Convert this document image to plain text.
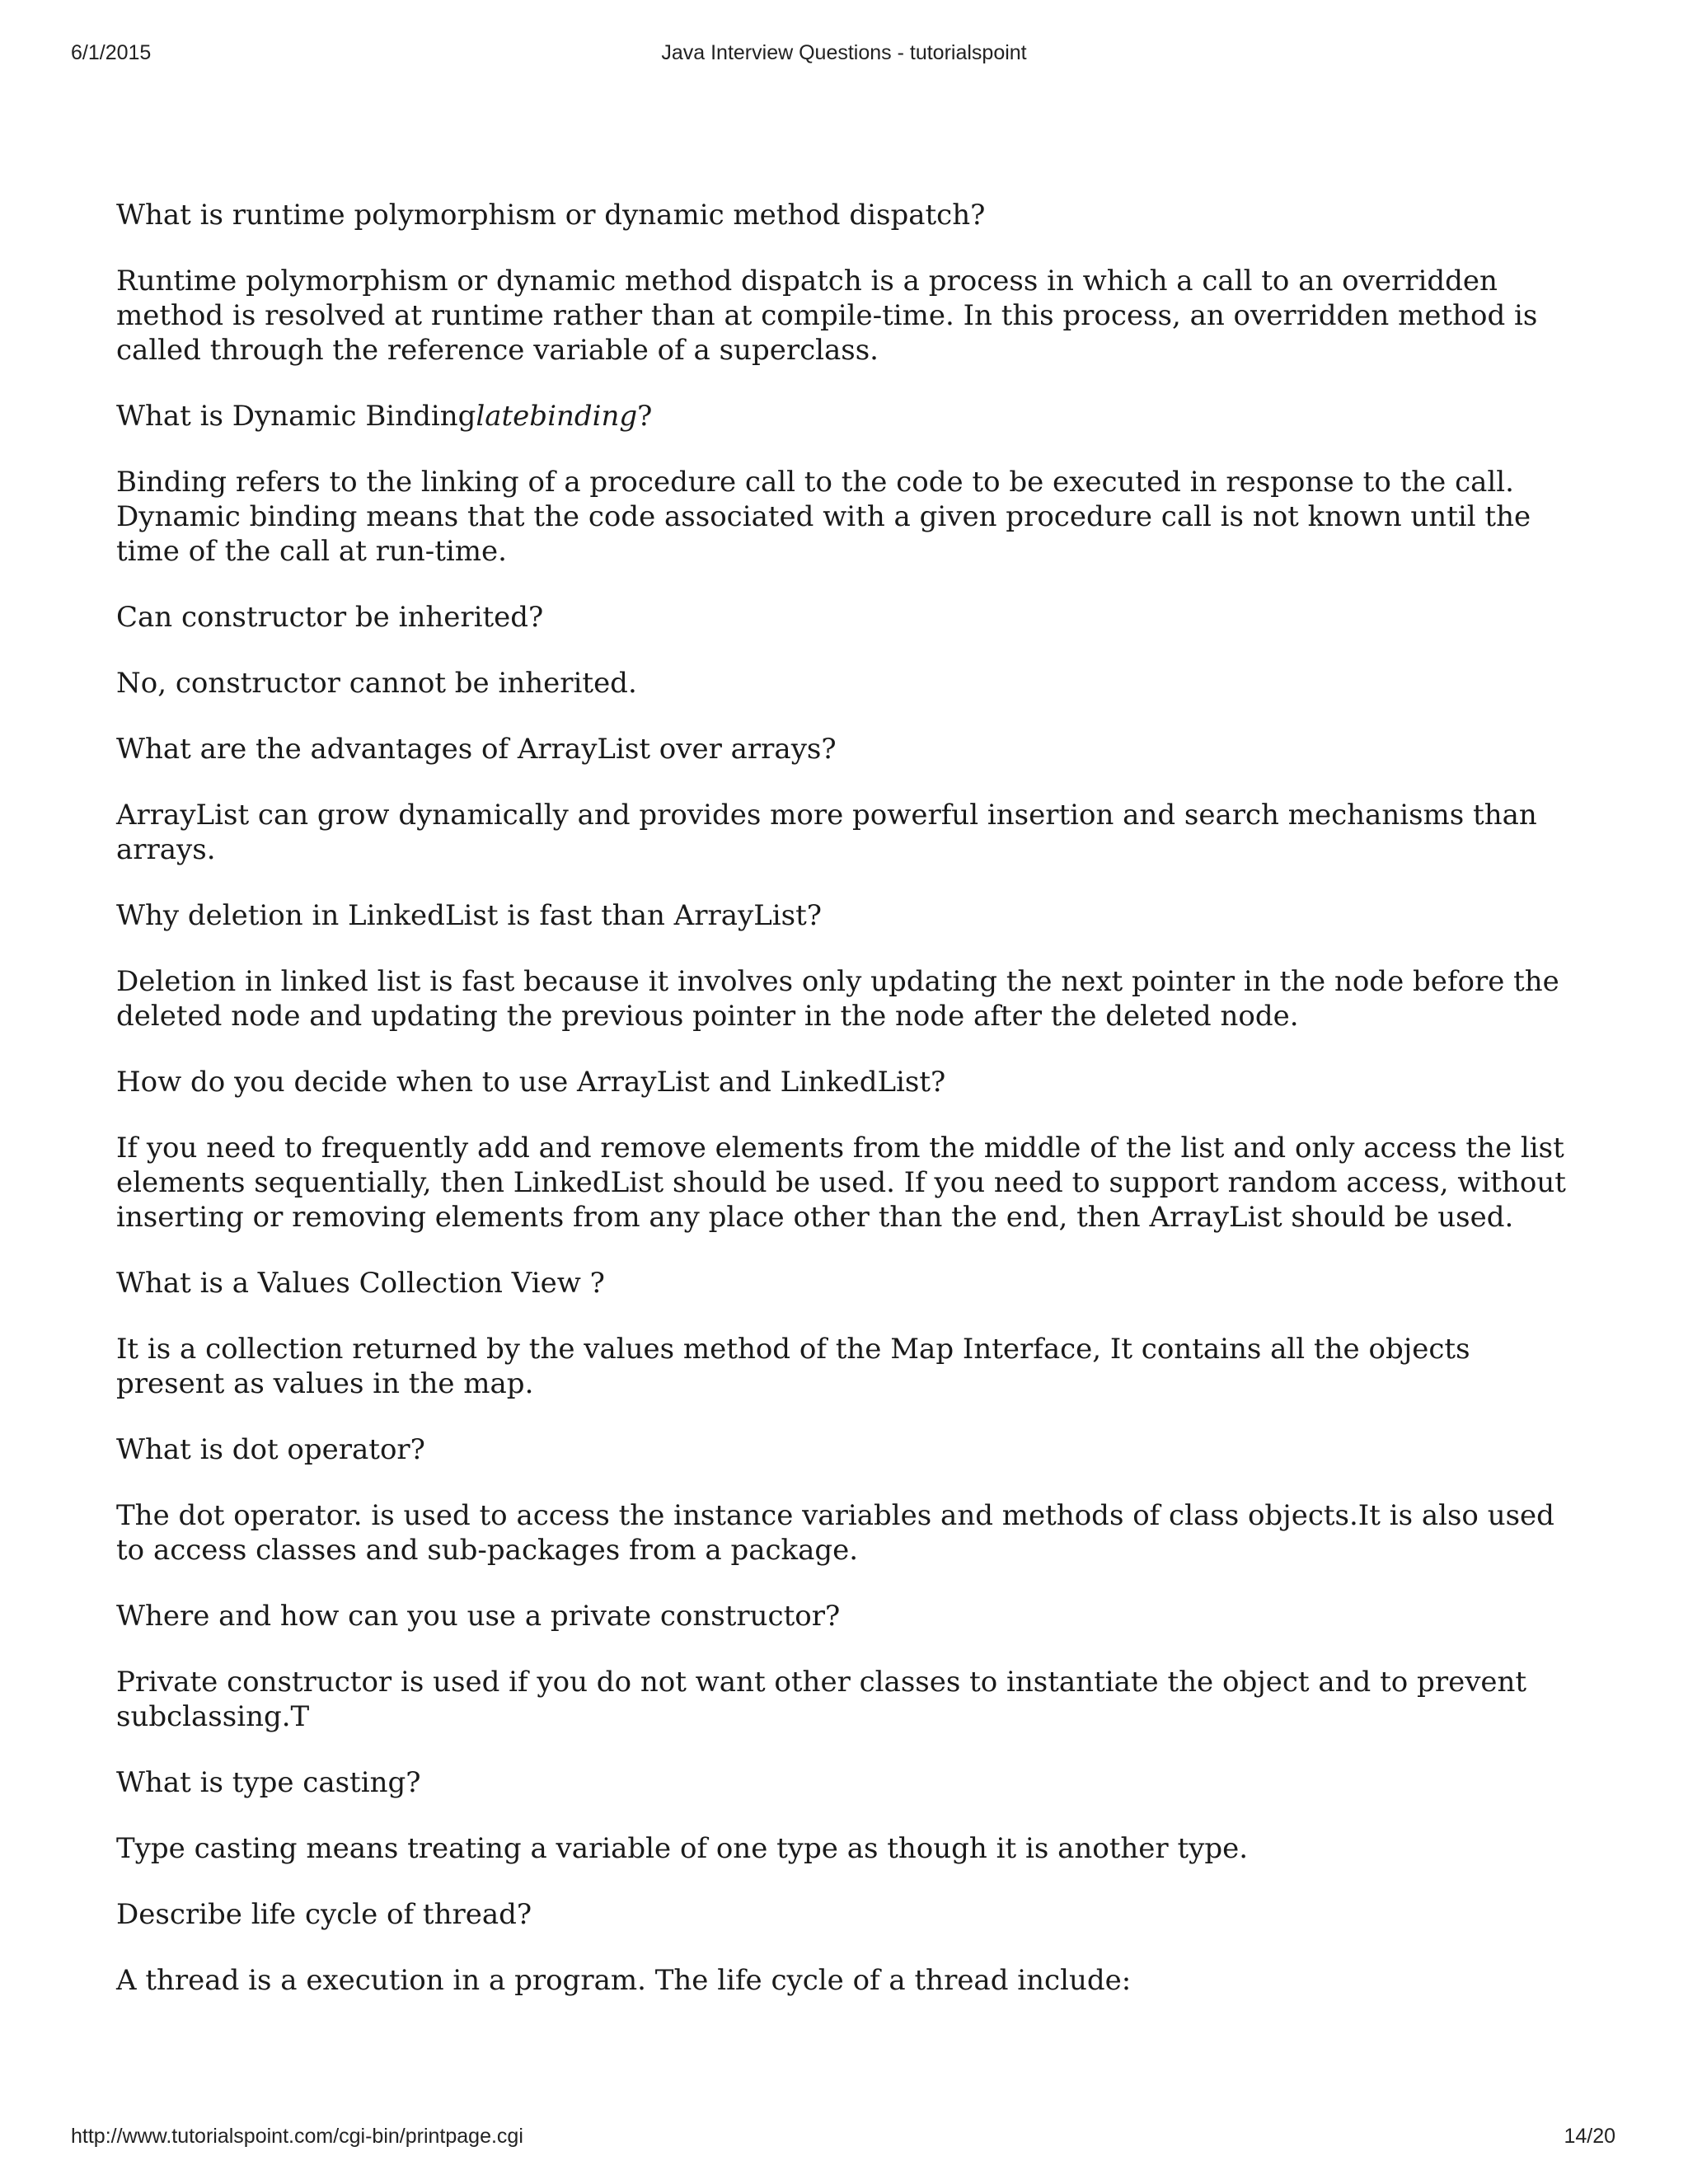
6/1/2015	Java Interview Questions - tutorialspoint

What is runtime polymorphism or dynamic method dispatch?

Runtime polymorphism or dynamic method dispatch is a process in which a call to an overridden method is resolved at runtime rather than at compile-time. In this process, an overridden method is called through the reference variable of a superclass.

What is Dynamic Bindinglatebinding?

Binding refers to the linking of a procedure call to the code to be executed in response to the call. Dynamic binding means that the code associated with a given procedure call is not known until the time of the call at run-time.

Can constructor be inherited?

No, constructor cannot be inherited.

What are the advantages of ArrayList over arrays?

ArrayList can grow dynamically and provides more powerful insertion and search mechanisms than arrays.

Why deletion in LinkedList is fast than ArrayList?

Deletion in linked list is fast because it involves only updating the next pointer in the node before the deleted node and updating the previous pointer in the node after the deleted node.

How do you decide when to use ArrayList and LinkedList?

If you need to frequently add and remove elements from the middle of the list and only access the list elements sequentially, then LinkedList should be used. If you need to support random access, without inserting or removing elements from any place other than the end, then ArrayList should be used.

What is a Values Collection View ?

It is a collection returned by the values method of the Map Interface, It contains all the objects present as values in the map.

What is dot operator?

The dot operator. is used to access the instance variables and methods of class objects.It is also used to access classes and sub-packages from a package.

Where and how can you use a private constructor?

Private constructor is used if you do not want other classes to instantiate the object and to prevent subclassing.T

What is type casting?

Type casting means treating a variable of one type as though it is another type.

Describe life cycle of thread?

A thread is a execution in a program. The life cycle of a thread include:

http://www.tutorialspoint.com/cgi-bin/printpage.cgi	14/20
